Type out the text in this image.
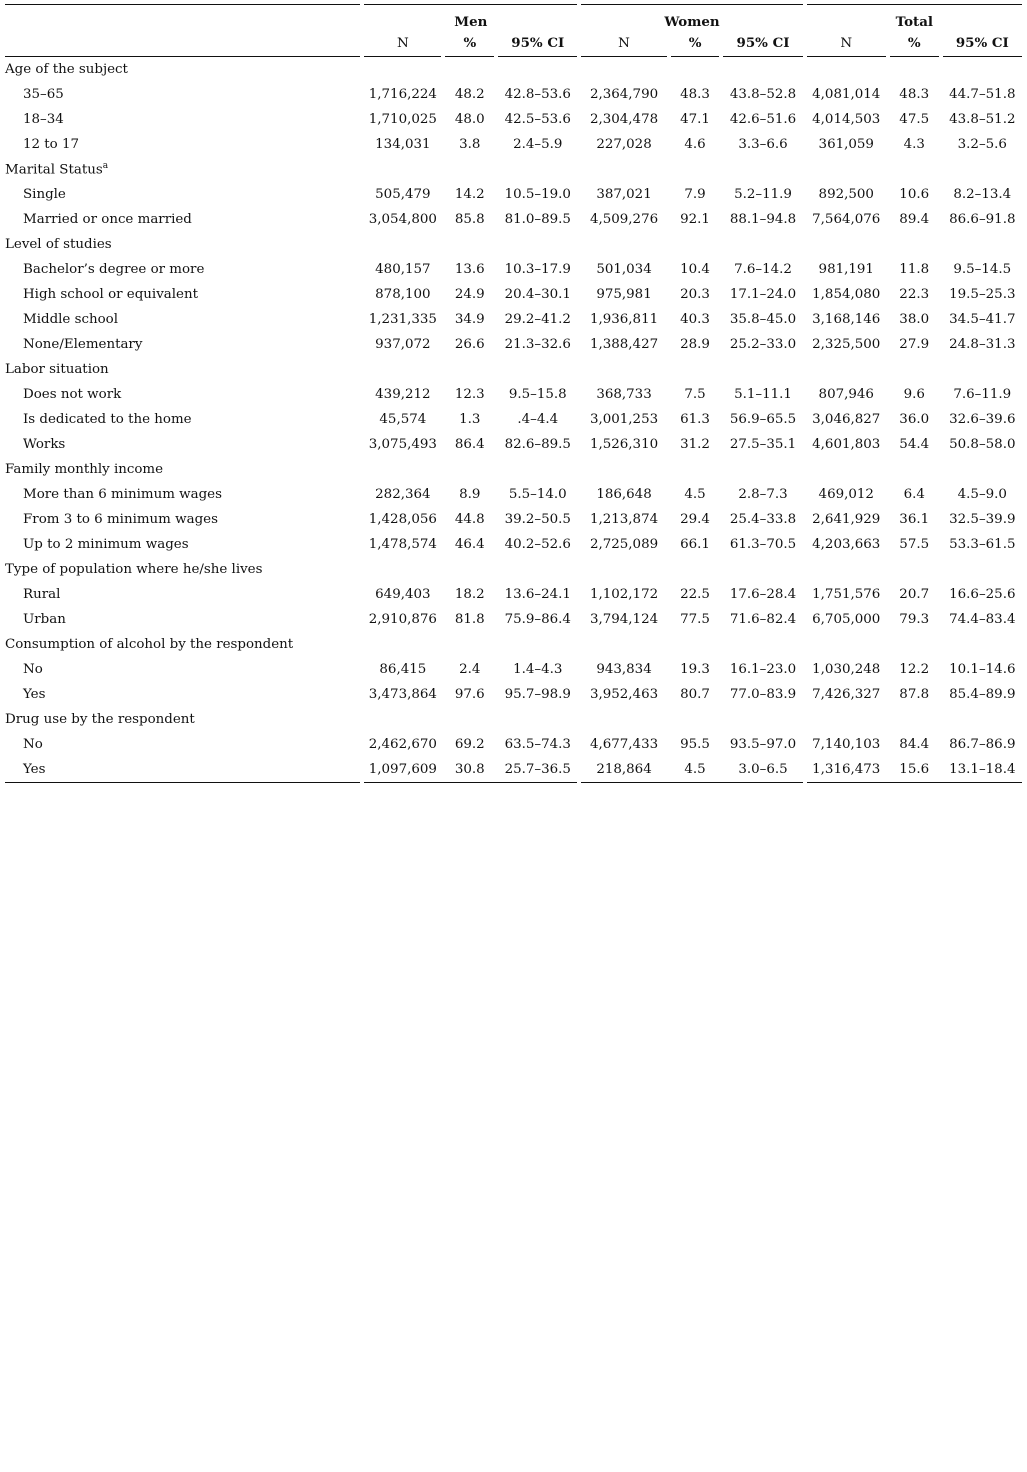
		Men						Women						Total				
		N		%		95% CI		N		%		95% CI		N		%		95% CI
Age of the subject																		
35–65		1,716,224		48.2		42.8–53.6		2,364,790		48.3		43.8–52.8		4,081,014		48.3		44.7–51.8
18–34		1,710,025		48.0		42.5–53.6		2,304,478		47.1		42.6–51.6		4,014,503		47.5		43.8–51.2
12 to 17		134,031		3.8		2.4–5.9		227,028		4.6		3.3–6.6		361,059		4.3		3.2–5.6
Marital Status$^a$																		
Single		505,479		14.2		10.5–19.0		387,021		7.9		5.2–11.9		892,500		10.6		8.2–13.4
Married or once married		3,054,800		85.8		81.0–89.5		4,509,276		92.1		88.1–94.8		7,564,076		89.4		86.6–91.8
Level of studies																		
Bachelor’s degree or more		480,157		13.6		10.3–17.9		501,034		10.4		7.6–14.2		981,191		11.8		9.5–14.5
High school or equivalent		878,100		24.9		20.4–30.1		975,981		20.3		17.1–24.0		1,854,080		22.3		19.5–25.3
Middle school		1,231,335		34.9		29.2–41.2		1,936,811		40.3		35.8–45.0		3,168,146		38.0		34.5–41.7
None/Elementary		937,072		26.6		21.3–32.6		1,388,427		28.9		25.2–33.0		2,325,500		27.9		24.8–31.3
Labor situation																		
Does not work		439,212		12.3		9.5–15.8		368,733		7.5		5.1–11.1		807,946		9.6		7.6–11.9
Is dedicated to the home		45,574		1.3		.4–4.4		3,001,253		61.3		56.9–65.5		3,046,827		36.0		32.6–39.6
Works		3,075,493		86.4		82.6–89.5		1,526,310		31.2		27.5–35.1		4,601,803		54.4		50.8–58.0
Family monthly income																		
More than 6 minimum wages		282,364		8.9		5.5–14.0		186,648		4.5		2.8–7.3		469,012		6.4		4.5–9.0
From 3 to 6 minimum wages		1,428,056		44.8		39.2–50.5		1,213,874		29.4		25.4–33.8		2,641,929		36.1		32.5–39.9
Up to 2 minimum wages		1,478,574		46.4		40.2–52.6		2,725,089		66.1		61.3–70.5		4,203,663		57.5		53.3–61.5
Type of population where he/she lives																		
Rural		649,403		18.2		13.6–24.1		1,102,172		22.5		17.6–28.4		1,751,576		20.7		16.6–25.6
Urban		2,910,876		81.8		75.9–86.4		3,794,124		77.5		71.6–82.4		6,705,000		79.3		74.4–83.4
Consumption of alcohol by the respondent																		
No		86,415		2.4		1.4–4.3		943,834		19.3		16.1–23.0		1,030,248		12.2		10.1–14.6
Yes		3,473,864		97.6		95.7–98.9		3,952,463		80.7		77.0–83.9		7,426,327		87.8		85.4–89.9
Drug use by the respondent																		
No		2,462,670		69.2		63.5–74.3		4,677,433		95.5		93.5–97.0		7,140,103		84.4		86.7–86.9
Yes		1,097,609		30.8		25.7–36.5		218,864		4.5		3.0–6.5		1,316,473		15.6		13.1–18.4
